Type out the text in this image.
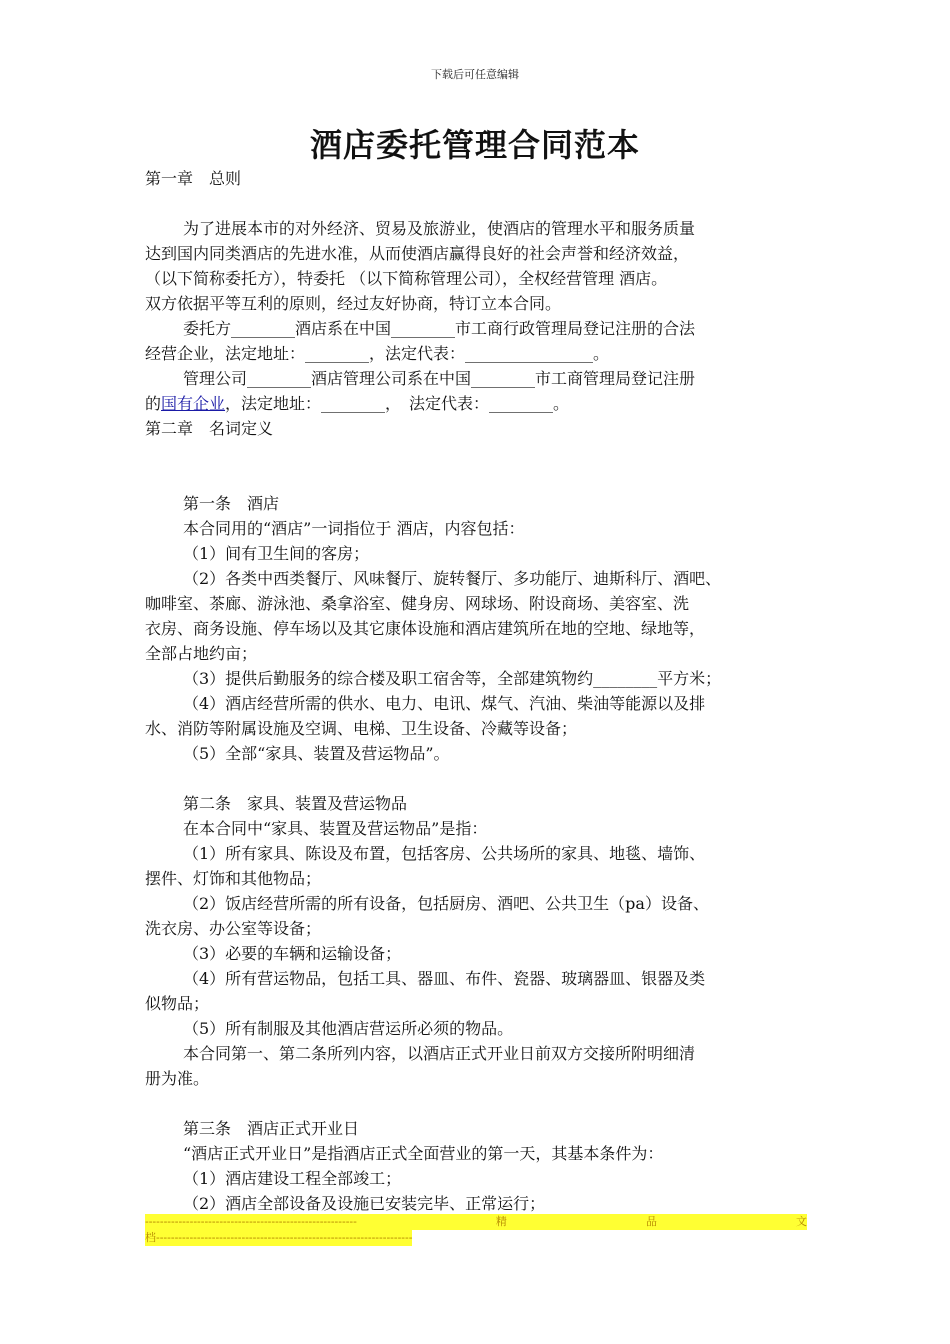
下载后可任意编辑
酒店委托管理合同范本
第一章　总则
为了进展本市的对外经济、贸易及旅游业，使酒店的管理水平和服务质量
达到国内同类酒店的先进水准，从而使酒店赢得良好的社会声誉和经济效益，
（以下简称委托方），特委托 （以下简称管理公司），全权经营管理 酒店。
双方依据平等互利的原则，经过友好协商，特订立本合同。
委托方________酒店系在中国________市工商行政管理局登记注册的合法
经营企业，法定地址：________，法定代表：________________。
管理公司________酒店管理公司系在中国________市工商管理局登记注册
的国有企业，法定地址：________，　法定代表：________。
第二章　名词定义
第一条　酒店
本合同用的“酒店”一词指位于 酒店，内容包括：
（1）间有卫生间的客房；
（2）各类中西类餐厅、风味餐厅、旋转餐厅、多功能厅、迪斯科厅、酒吧、
咖啡室、茶廊、游泳池、桑拿浴室、健身房、网球场、附设商场、美容室、洗
衣房、商务设施、停车场以及其它康体设施和酒店建筑所在地的空地、绿地等，
全部占地约亩；
（3）提供后勤服务的综合楼及职工宿舍等，全部建筑物约________平方米；
（4）酒店经营所需的供水、电力、电讯、煤气、汽油、柴油等能源以及排
水、消防等附属设施及空调、电梯、卫生设备、冷藏等设备；
（5）全部“家具、装置及营运物品”。
第二条　家具、装置及营运物品
在本合同中“家具、装置及营运物品”是指：
（1）所有家具、陈设及布置，包括客房、公共场所的家具、地毯、墙饰、
摆件、灯饰和其他物品；
（2）饭店经营所需的所有设备，包括厨房、酒吧、公共卫生（pa）设备、
洗衣房、办公室等设备；
（3）必要的车辆和运输设备；
（4）所有营运物品，包括工具、器皿、布件、瓷器、玻璃器皿、银器及类
似物品；
（5）所有制服及其他酒店营运所必须的物品。
本合同第一、第二条所列内容，以酒店正式开业日前双方交接所附明细清
册为准。
第三条　酒店正式开业日
“酒店正式开业日”是指酒店正式全面营业的第一天，其基本条件为：
（1）酒店建设工程全部竣工；
（2）酒店全部设备及设施已安装完毕、正常运行；
---------------------------------------------------------	精	品	文
档---------------------------------------------------------------------
